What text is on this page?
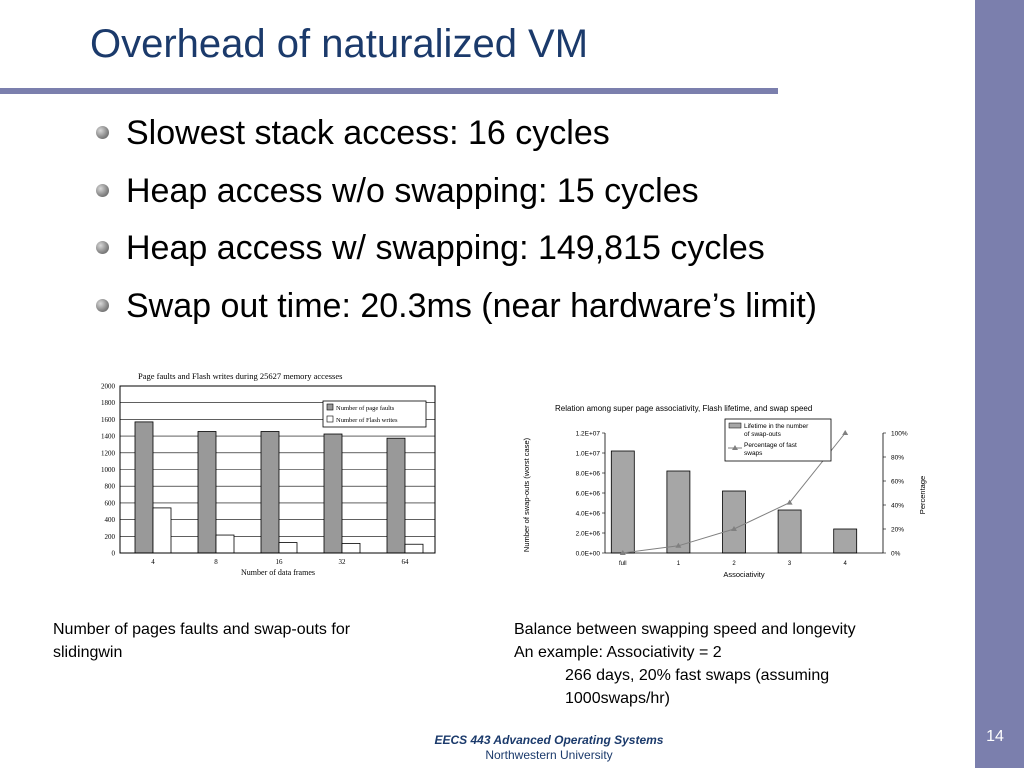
Overhead of naturalized VM
Slowest stack access: 16 cycles
Heap access w/o swapping: 15 cycles
Heap access w/ swapping: 149,815 cycles
Swap out time: 20.3ms (near hardware’s limit)
Page faults and Flash writes during 25627 memory accesses
0
200
400
600
800
1000
1200
1400
1600
1800
2000
4	8	16	32	64
Number of data frames
Number of page faults
Number of Flash writes
Relation among super page associativity, Flash lifetime, and swap speed
Number of swap-outs (worst case)	Percentage
0.0E+00
2.0E+06
4.0E+06
6.0E+06
8.0E+06
1.0E+07
1.2E+07
0%
20%
40%
60%
80%
100%
full	1	2	3	4
Associativity
Lifetime in the number of swap-outs
Percentage of fast swaps
Number of pages faults and swap-outs for
slidingwin
Balance between swapping speed and longevity
An example: Associativity = 2
266 days, 20% fast swaps (assuming
1000swaps/hr)
EECS 443 Advanced Operating Systems
Northwestern University
14
